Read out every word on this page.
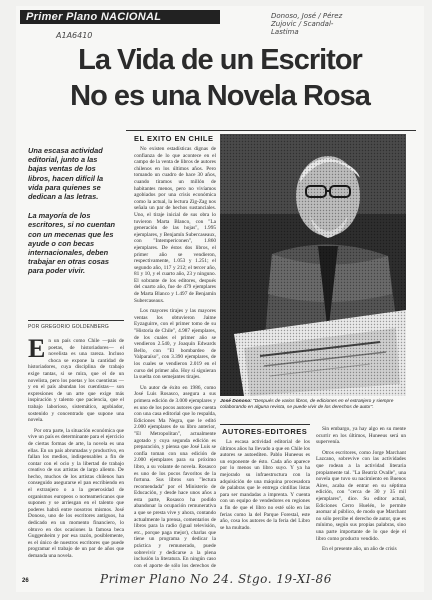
Primer Plano NACIONAL
A1A6410
Donoso, José / Pérez Zujovic / Scandal-Lastima
La Vida de un Escritor
No es una Novela Rosa

Una escasa actividad editorial, junto a las bajas ventas de los libros, hacen difícil la vida para quienes se dedican a las letras.

La mayoría de los escritores, si no cuentan con un mecenas que les ayude o con becas internacionales, deben trabajar en otras cosas para poder vivir.

POR GREGORIO GOLDENBERG

En un país como Chile —país de poetas, de historiadores— el novelista es una rareza. Incluso choca se expone la cantidad de historiadores, cuya disciplina de trabajo exige tantas, si se mira, que el de un novelista, pero los poetas y los cuentistas —y en el país abundan los cuentistas— son expresiones de un arte que exige más inspiración y talento que paciencia, que el trabajo laborioso, sistemático, agobiador, sostenido y concentrado que supone una novela.

Por otra parte, la situación económica que vive un país es determinante para el ejercicio de ciertas formas de arte, la novela es una ellas. En un país abrumadas y productivo, en fallan los medios, indispensables a fin de contar con el ocio y la libertad de trabajo creativo de sus artistas de largo aliento. De hecho, muchos de los artistas chilenos han conseguido asegurarse el pan escribiendo en el extranjero o a la generosidad de organismos europeos o norteamericanos que suponen y se arriesgan en el talento que poderes habrá entre nosotros mismos. José Donoso, uno de los escritores antiguos, ha dedicado en un momento financiero, lo obtuvo en dos ocasiones la famosa beca Guggenheim y por esa razón, posiblemente, es el único de nuestros escritores que puede programar el trabajo de un par de años que demanda una novela.

EL EXITO EN CHILE

No existen estadísticas dignas de confianza de lo que acontece en el campo de la venta de libros de autores chilenos en los últimos años. Pero tomando un cuadro de hace 30 años, cuando tiramos un millón de habitantes menos, pero no vivíamos agobiados por una crisis económica como la actual, la lectura Zig-Zag nos señala un par de hechos sustanciales. Uno, el tiraje inicial de sus obra lo tuvieron Marta Blanco, con "La generación de las hojas", 1.995 ejemplares, y Benjamín Subercaseaux, con "Intempericonen", 1.860 ejemplares. De éstos dos libros, el primer año se vendieron, respectivamente, 1.053 y 1.251; el segundo año, 117 y 212; el tercer año, 81 y 10, y el cuarto año, 23 y ninguno. El sobrante de los editores, después del cuarto año, fue de 479 ejemplares de Marta Blanco y 1.497 de Benjamín Subercaseaux.

Los mayores tirajes y las mayores ventas los obtuvieron Jaime Eyzaguirre, con el primer tomo de su "Historia de Chile", 4.987 ejemplares, de los cuales el primer año se vendieron 2.540, y Joaquín Edwards Bello, con "El bombardeo de Valparaíso", con 3.390 ejemplares, de los cuales se vendieron 2.019 en el curso del primer año. Hoy sí siguieran la suelta con semejantes tirajes.

Un autor de éxito en 1986, como José Luis Rosasco, asegura a sus primera edición de 3.000 ejemplares y es uno de los pocos autores que cuenta con una casa editorial que lo respalda, Ediciones Ma Negra, que le editó 2.000 ejemplares de su libro anterior, "El Metropolitan", actualmente agotado y cuya segunda edición es preparación, y piensa que José Luis se confía toman con una edición de 2.000 ejemplares para su próximo libro, a su volante de novela. Rosasco es uno de los pocos favoritos de la fortuna. Sus libros son "lectura recomendada" por el Ministerio de Educación, y desde hace unos años a esta parte, Rosasco ha podido abandonar la ocupación remunerativa a que se presta vive y ahora, contando actualmente la prensa, comentarios de libros para la radio (igual televisión, etc., porque paga mejor), charlas que tiene un programa y dedicar la práctica y remunerado, puede sobrevivir y dedicarse a la plena inclusión la literatura. En ningún caso con el aporte de sólo los derechos de

José Donoso: "Después de varios libros, de ediciones en el extranjero y siempre colaborando en alguna revista, se puede vivir de los derechos de autor".
AUTORES-EDITORES

La escasa actividad editorial de los últimos años ha llevado a que en Chile los autores se autoediten. Pablo Huneeus es un exponente de ésto. Cada año aparece por lo menos un libro suyo. Y ya ha mejorado su infraestructura con la adquisición de una máquina procesadora de palabras que le entrega cintillas listas para ser mandadas a imprenta. Y cuenta con un equipo de vendedores en regiones a fin de que el libro no esté sólo en las ferias como la del Parque Forestal, este año, cosa los autores de la feria del Libro se ha multado.

Sin embargo, ya hay algo en su mente ocurrir en los últimos, Huneeus será un supervenía.

Otros escritores, como Jorge Marchant Lazcano, sobrevive con las actividades que rodean a la actividad literaria propiamente tal. "La Beatriz Ovalle", una novela que tuvo su nacimiento en Buenos Aires, acaba de entrar en su séptima edición, con "cerca de 30 y 35 mil ejemplares", dice. Su editor actual, Ediciones Cerro Huelén, le permite asomar al público, de modo que Marchant no sólo percibe el derecho de autor, que es mínimo, según sus propias palabras, sino una parte importante de lo que deje el libro como producto vendido.

En el presente año, un año de crisis

26	Primer Plano No 24. Stgo. 19-XI-86
